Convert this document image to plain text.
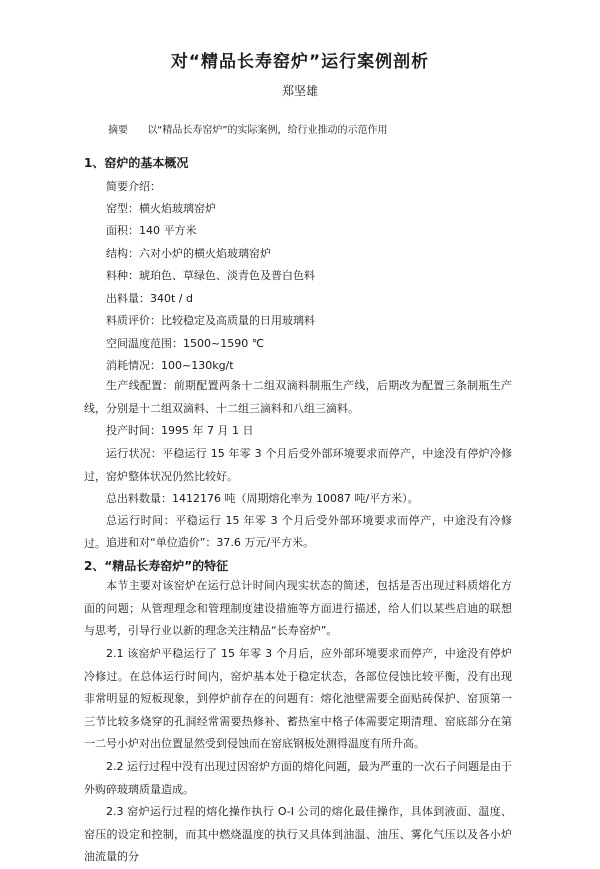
对“精品长寿窑炉”运行案例剖析
郑坚雄
摘要 以“精品长寿窑炉”的实际案例，给行业推动的示范作用
1、窑炉的基本概况
简要介绍：
窑型：横火焰玻璃窑炉
面积：140 平方米
结构：六对小炉的横火焰玻璃窑炉
料种：琥珀色、草绿色、淡青色及普白色料
出料量：340t / d
料质评价：比较稳定及高质量的日用玻璃料
空间温度范围：1500~1590 ℃
消耗情况：100~130kg/t

生产线配置：前期配置两条十二组双滴料制瓶生产线，后期改为配置三条制瓶生产线，分别是十二组双滴料、十二组三滴料和八组三滴料。

投产时间：1995 年 7 月 1 日

运行状况：平稳运行 15 年零 3 个月后受外部环境要求而停产，中途没有停炉冷修过，窑炉整体状况仍然比较好。

总出料数量：1412176 吨（周期熔化率为 10087 吨/平方米）。

总运行时间：平稳运行 15 年零 3 个月后受外部环境要求而停产，中途没有冷修过。 追进和对“单位造价”：37.6 万元/平方米。

2、“精品长寿窑炉”的特征

本节主要对该窑炉在运行总计时间内现实状态的简述，包括是否出现过料质熔化方面的问题；从管理理念和管理制度建设措施等方面进行描述，给人们以某些启迪的联想与思考，引导行业以新的理念关注精品“长寿窑炉”。

2.1 该窑炉平稳运行了 15 年零 3 个月后，应外部环境要求而停产，中途没有停炉冷修过。在总体运行时间内，窑炉基本处于稳定状态，各部位侵蚀比较平衡，没有出现非常明显的短板现象，到停炉前存在的问题有：熔化池壁需要全面贴砖保护、窑顶第一三节比较多烧穿的孔洞经常需要热修补、蓄热室中格子体需要定期清理、窑底部分在第一二号小炉对出位置显然受到侵蚀而在窑底钢板处测得温度有所升高。

2.2 运行过程中没有出现过因窑炉方面的熔化问题，最为严重的一次石子问题是由于外购碎玻璃质量造成。

2.3 窑炉运行过程的熔化操作执行 O-I 公司的熔化最佳操作，具体到液面、温度、窑压的设定和控制，而其中燃烧温度的执行又具体到油温、油压、雾化气压以及各小炉油流量的分
